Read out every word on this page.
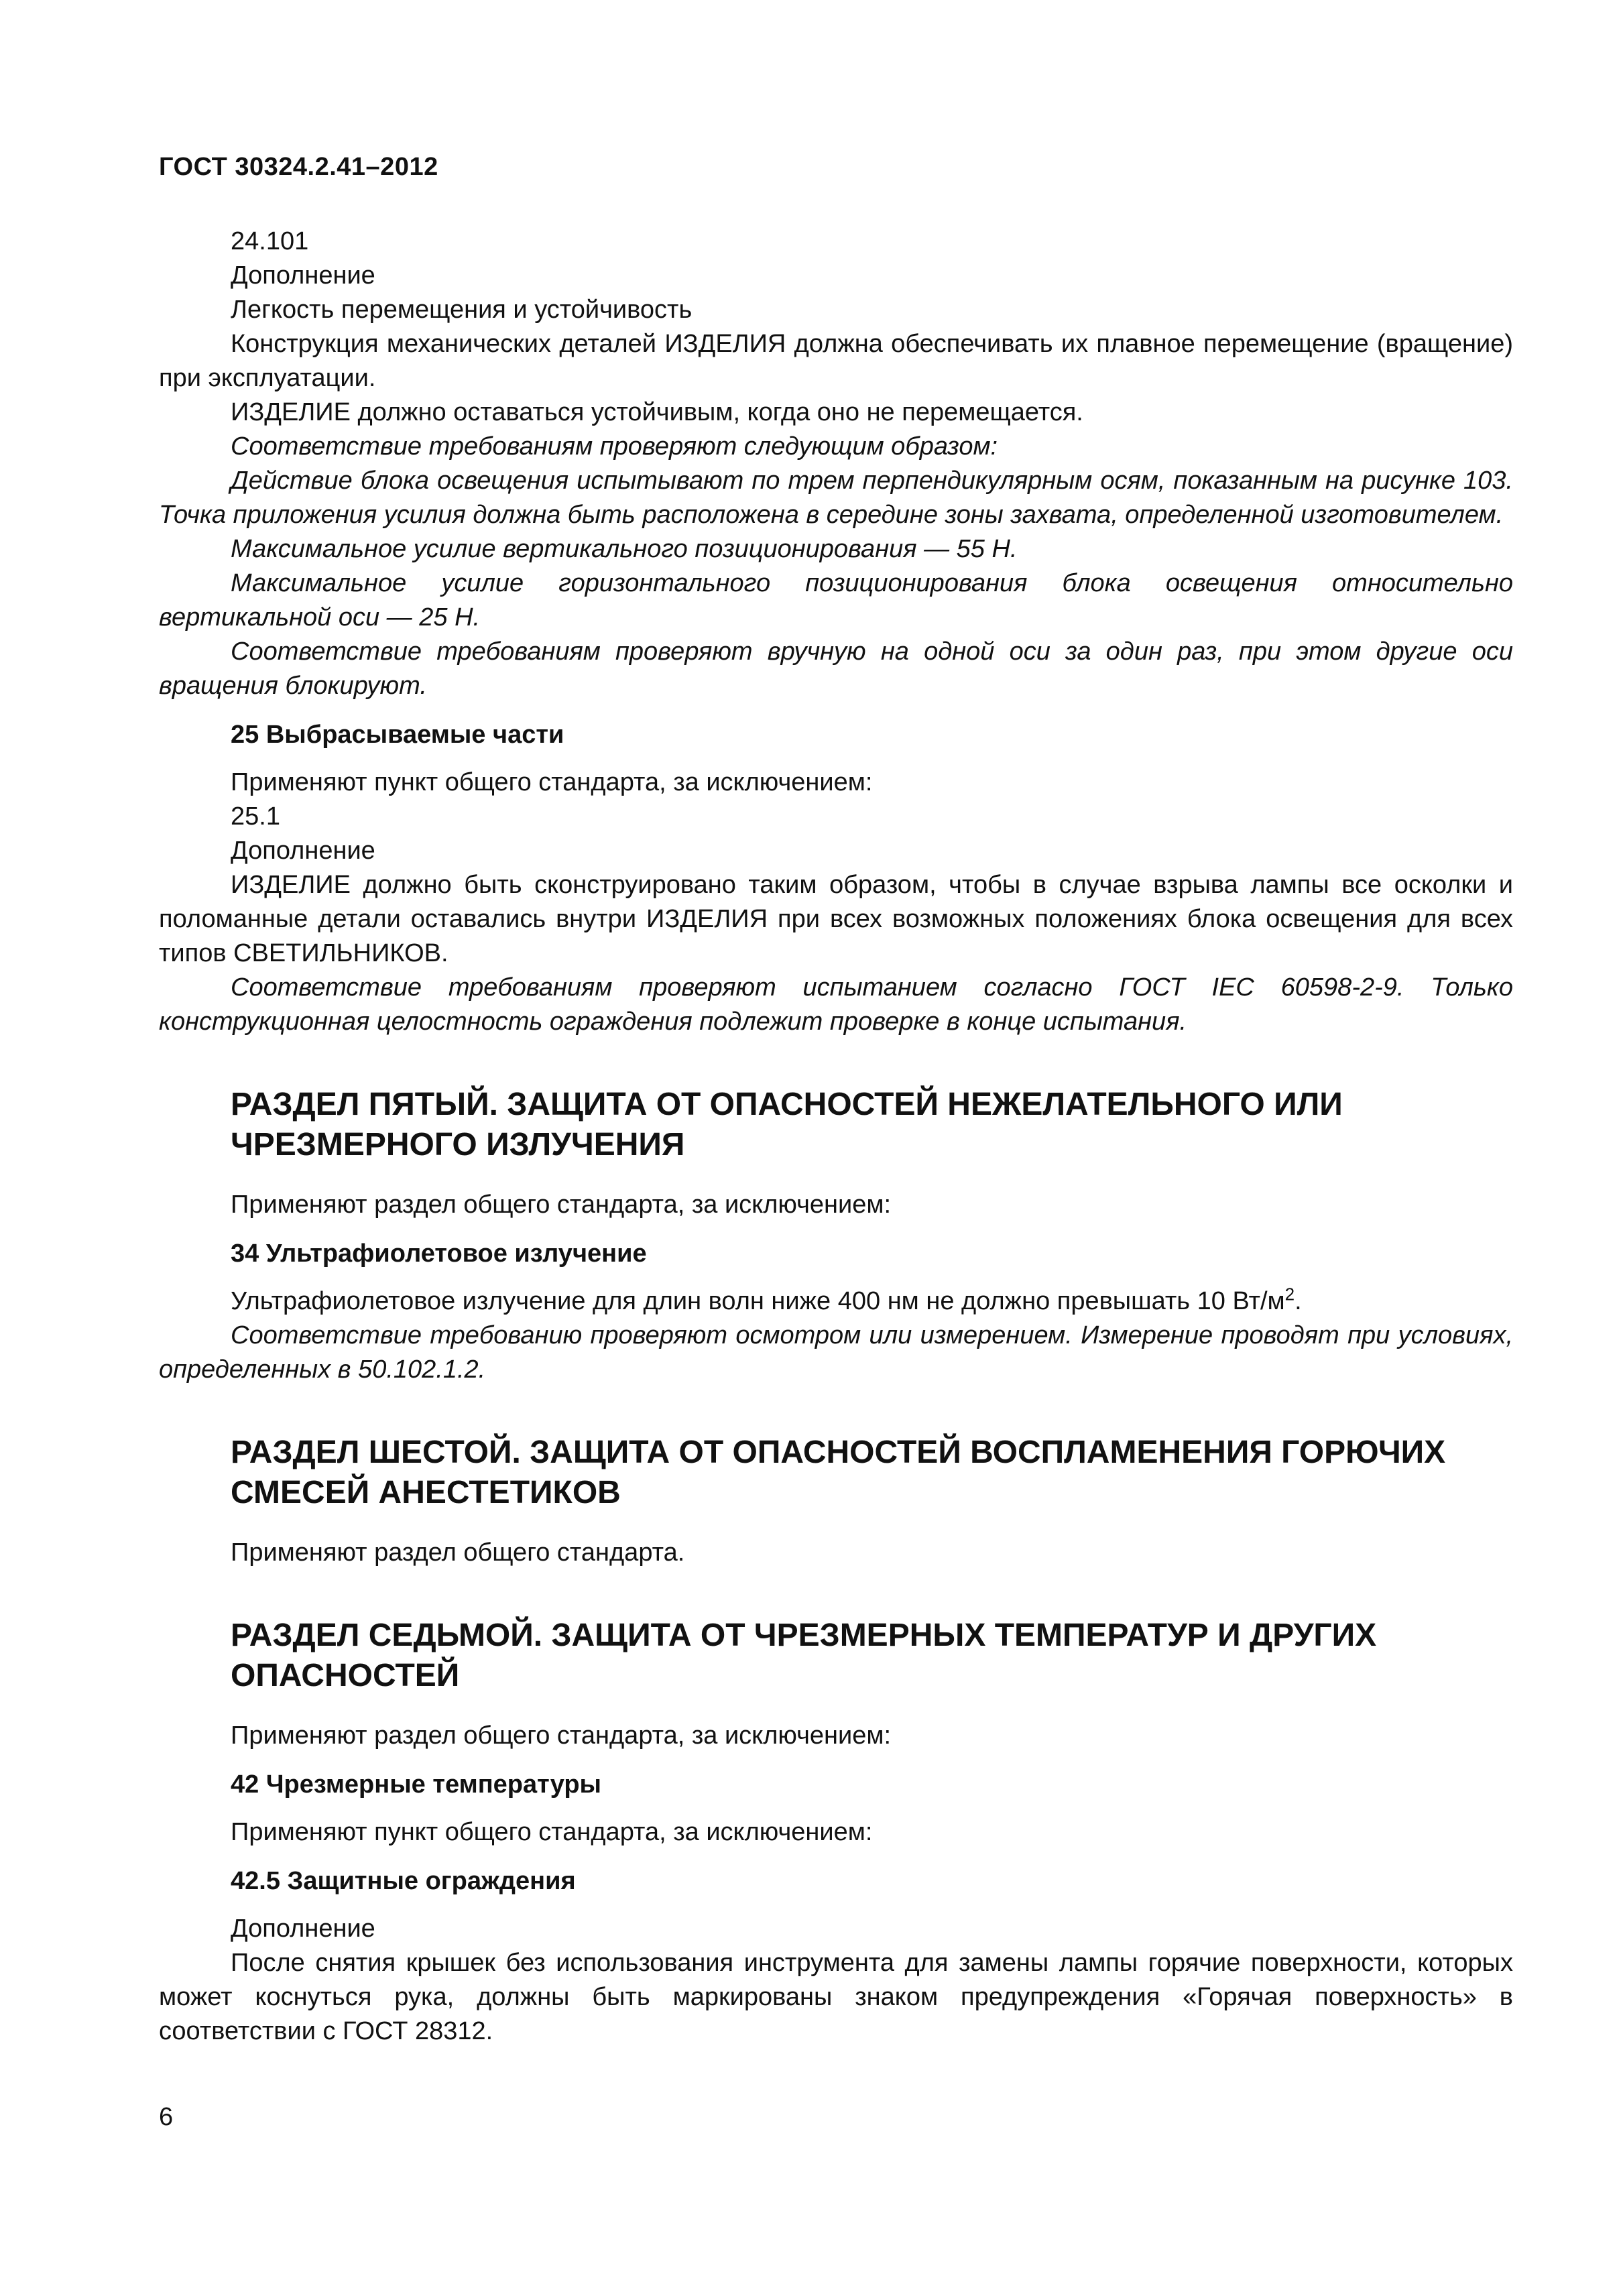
ГОСТ 30324.2.41–2012

24.101

Дополнение

Легкость перемещения и устойчивость

Конструкция механических деталей ИЗДЕЛИЯ должна обеспечивать их плавное перемещение (вращение) при эксплуатации.

ИЗДЕЛИЕ должно оставаться устойчивым, когда оно не перемещается.

Соответствие требованиям проверяют следующим образом:

Действие блока освещения испытывают по трем перпендикулярным осям, показанным на рисунке 103. Точка приложения усилия должна быть расположена в середине зоны захвата, определенной изготовителем.

Максимальное усилие вертикального позиционирования — 55 Н.

Максимальное усилие горизонтального позиционирования блока освещения относительно вертикальной оси — 25 Н.

Соответствие требованиям проверяют вручную на одной оси за один раз, при этом другие оси вращения блокируют.

25 Выбрасываемые части

Применяют пункт общего стандарта, за исключением:

25.1

Дополнение

ИЗДЕЛИЕ должно быть сконструировано таким образом, чтобы в случае взрыва лампы все осколки и поломанные детали оставались внутри ИЗДЕЛИЯ при всех возможных положениях блока освещения для всех типов СВЕТИЛЬНИКОВ.

Соответствие требованиям проверяют испытанием согласно ГОСТ IEC 60598-2-9. Только конструкционная целостность ограждения подлежит проверке в конце испытания.

РАЗДЕЛ ПЯТЫЙ. ЗАЩИТА ОТ ОПАСНОСТЕЙ НЕЖЕЛАТЕЛЬНОГО ИЛИ ЧРЕЗМЕРНОГО ИЗЛУЧЕНИЯ

Применяют раздел общего стандарта, за исключением:

34 Ультрафиолетовое излучение

Ультрафиолетовое излучение для длин волн ниже 400 нм не должно превышать 10 $Вт/м^2$.

Соответствие требованию проверяют осмотром или измерением. Измерение проводят при условиях, определенных в 50.102.1.2.

РАЗДЕЛ ШЕСТОЙ. ЗАЩИТА ОТ ОПАСНОСТЕЙ ВОСПЛАМЕНЕНИЯ ГОРЮЧИХ СМЕСЕЙ АНЕСТЕТИКОВ

Применяют раздел общего стандарта.

РАЗДЕЛ СЕДЬМОЙ. ЗАЩИТА ОТ ЧРЕЗМЕРНЫХ ТЕМПЕРАТУР И ДРУГИХ ОПАСНОСТЕЙ

Применяют раздел общего стандарта, за исключением:

42 Чрезмерные температуры

Применяют пункт общего стандарта, за исключением:

42.5 Защитные ограждения

Дополнение

После снятия крышек без использования инструмента для замены лампы горячие поверхности, которых может коснуться рука, должны быть маркированы знаком предупреждения «Горячая поверхность» в соответствии с ГОСТ 28312.

6
